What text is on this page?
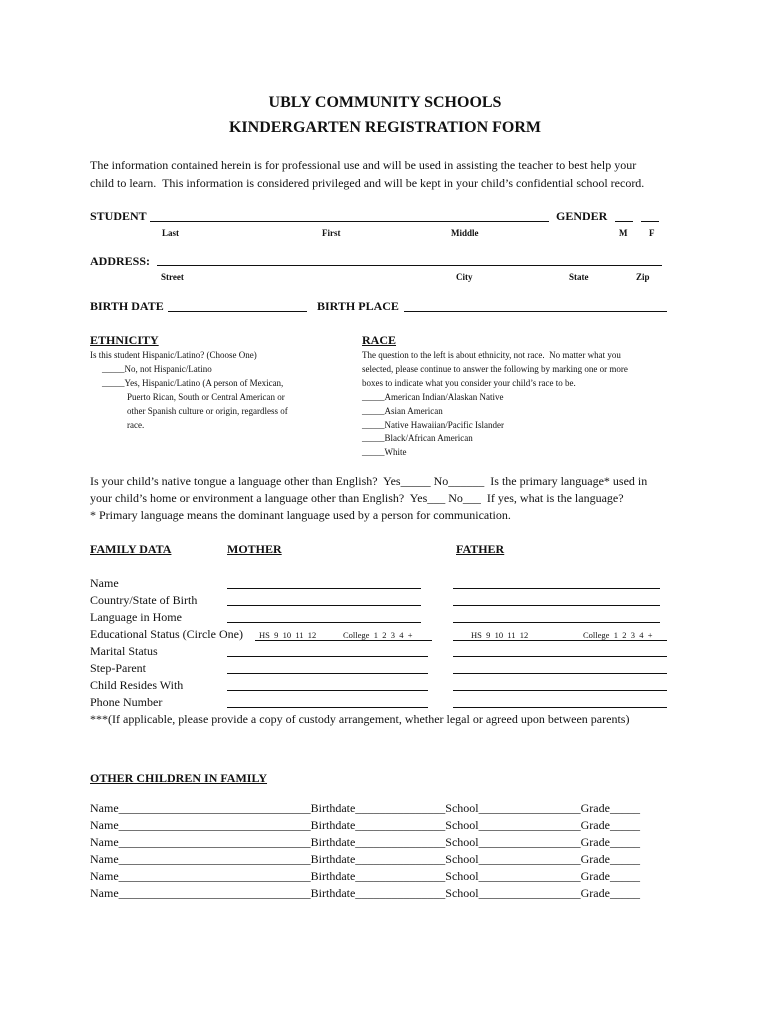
UBLY COMMUNITY SCHOOLS
KINDERGARTEN REGISTRATION FORM
The information contained herein is for professional use and will be used in assisting the teacher to best help your
child to learn.  This information is considered privileged and will be kept in your child’s confidential school record.
STUDENT	GENDER
Last	First	Middle	M F
ADDRESS:
Street	City	State	Zip
BIRTH DATE	BIRTH PLACE
ETHNICITY
Is this student Hispanic/Latino? (Choose One)
_____No, not Hispanic/Latino
_____Yes, Hispanic/Latino (A person of Mexican,
Puerto Rican, South or Central American or
other Spanish culture or origin, regardless of
race.
RACE
The question to the left is about ethnicity, not race.  No matter what you
selected, please continue to answer the following by marking one or more
boxes to indicate what you consider your child’s race to be.
_____American Indian/Alaskan Native
_____Asian American
_____Native Hawaiian/Pacific Islander
_____Black/African American
_____White
Is your child’s native tongue a language other than English?  Yes_____ No______  Is the primary language* used in
your child’s home or environment a language other than English?  Yes___ No___  If yes, what is the language?
* Primary language means the dominant language used by a person for communication.
FAMILY DATA	MOTHER	FATHER
Name
Country/State of Birth
Language in Home
Educational Status (Circle One) HS  9  10  11  12	College  1  2  3  4  +	HS  9  10  11  12	College  1  2  3  4  +
Marital Status
Step-Parent
Child Resides With
Phone Number
***(If applicable, please provide a copy of custody arrangement, whether legal or agreed upon between parents)
OTHER CHILDREN IN FAMILY
Name________________________________Birthdate_______________School_________________Grade_____
Name________________________________Birthdate_______________School_________________Grade_____
Name________________________________Birthdate_______________School_________________Grade_____
Name________________________________Birthdate_______________School_________________Grade_____
Name________________________________Birthdate_______________School_________________Grade_____
Name________________________________Birthdate_______________School_________________Grade_____
